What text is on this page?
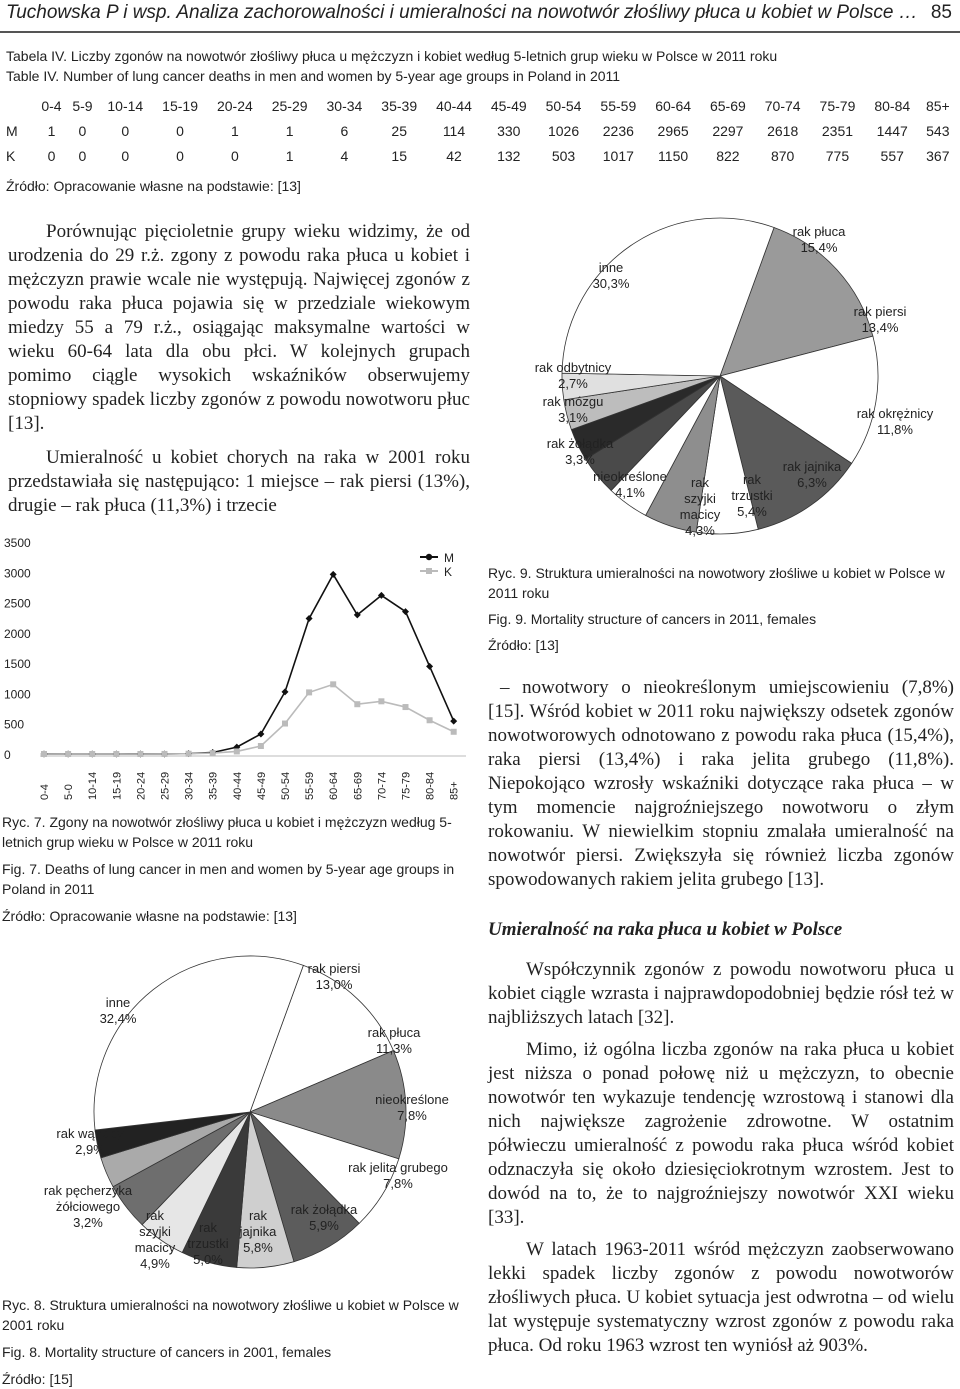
Tuchowska P i wsp. Analiza zachorowalności i umieralności na nowotwór złośliwy płuca u kobiet w Polsce … 85
Tabela IV. Liczby zgonów na nowotwór złośliwy płuca u mężczyzn i kobiet według 5-letnich grup wieku w Polsce w 2011 roku
Table IV. Number of lung cancer deaths in men and women by 5-year age groups in Poland in 2011
	0-4	5-9	10-14	15-19	20-24	25-29	30-34	35-39	40-44	45-49	50-54	55-59	60-64	65-69	70-74	75-79	80-84	85+
M	1	0	0	0	1	1	6	25	114	330	1026	2236	2965	2297	2618	2351	1447	543
K	0	0	0	0	0	1	4	15	42	132	503	1017	1150	822	870	775	557	367
Źródło: Opracowanie własne na podstawie: [13]

Porównując pięcioletnie grupy wieku widzimy, że od urodzenia do 29 r.ż. zgony z powodu raka płuca u kobiet i mężczyzn prawie wcale nie występują. Najwięcej zgonów z powodu raka płuca pojawia się w przedziale wiekowym miedzy 55 a 79 r.ż., osiągając maksymalne wartości w wieku 60-64 lata dla obu płci. W kolejnych grupach pomimo ciągle wysokich wskaźników obserwujemy stopniowy spadek liczby zgonów z powodu nowotworu płuc [13].

Umieralność u kobiet chorych na raka w 2001 roku przedstawiała się następująco: 1 miejsce – rak piersi (13%), drugie – rak płuca (11,3%) i trzecie

0
500
1000
1500
2000
2500
3000
3500
0-4 5-0 10-14 15-19 20-24 25-29 30-34 35-39 40-44 45-49 50-54 55-59 60-64 65-69 70-74 75-79 80-84 85+
M
K
Ryc. 7. Zgony na nowotwór złośliwy płuca u kobiet i mężczyzn według 5-letnich grup wieku w Polsce w 2011 roku
Fig. 7. Deaths of lung cancer in men and women by 5-year age groups in Poland in 2011
Źródło: Opracowanie własne na podstawie: [13]
rak piersi
13,0%
rak płuca
11,3%
nieokreślone
7,8%
rak jelita grubego
7,8%
rak żołądka
5,9%
rak
jajnika
5,8%
rak
trzustki
5,0%
rak
szyjki
macicy
4,9%
rak pęcherzyka
żółciowego
3,2%
rak wątroby
2,9%
inne
32,4%
Ryc. 8. Struktura umieralności na nowotwory złośliwe u kobiet w Polsce w 2001 roku
Fig. 8. Mortality structure of cancers in 2001, females
Źródło: [15]
rak płuca
15,4%
rak piersi
13,4%
rak okrężnicy
11,8%
rak jajnika
6,3%
rak
trzustki
5,4%
rak
szyjki
macicy
4,3%
nieokreślone
4,1%
rak żołądka
3,3%
rak mózgu
3,1%
rak odbytnicy
2,7%
inne
30,3%
Ryc. 9. Struktura umieralności na nowotwory złośliwe u kobiet w Polsce w 2011 roku
Fig. 9. Mortality structure of cancers in 2011, females
Źródło: [13]

– nowotwory o nieokreślonym umiejscowieniu (7,8%) [15]. Wśród kobiet w 2011 roku największy odsetek zgonów nowotworowych odnotowano z powodu raka płuca (15,4%), raka piersi (13,4%) i raka jelita grubego (11,8%). Niepokojąco wzrosły wskaźniki dotyczące raka płuca – w tym momencie najgroźniejszego nowotworu o złym rokowaniu. W niewielkim stopniu zmalała umieralność na nowotwór piersi. Zwiększyła się również liczba zgonów spowodowanych rakiem jelita grubego [13].

Umieralność na raka płuca u kobiet w Polsce

Współczynnik zgonów z powodu nowotworu płuca u kobiet ciągle wzrasta i najprawdopodobniej będzie rósł też w najbliższych latach [32].

Mimo, iż ogólna liczba zgonów na raka płuca u kobiet jest niższa o ponad połowę niż u mężczyzn, to obecnie nowotwór ten wykazuje tendencję wzrostową i stanowi dla nich największe zagrożenie zdrowotne. W ostatnim półwieczu umieralność z powodu raka płuca wśród kobiet odznaczyła się około dziesięciokrotnym wzrostem. Jest to dowód na to, że to najgroźniejszy nowotwór XXI wieku [33].

W latach 1963-2011 wśród mężczyzn zaobserwowano lekki spadek liczby zgonów z powodu nowotworów złośliwych płuca. U kobiet sytuacja jest odwrotna – od wielu lat występuje systematyczny wzrost zgonów z powodu raka płuca. Od roku 1963 wzrost ten wyniósł aż 903%.
